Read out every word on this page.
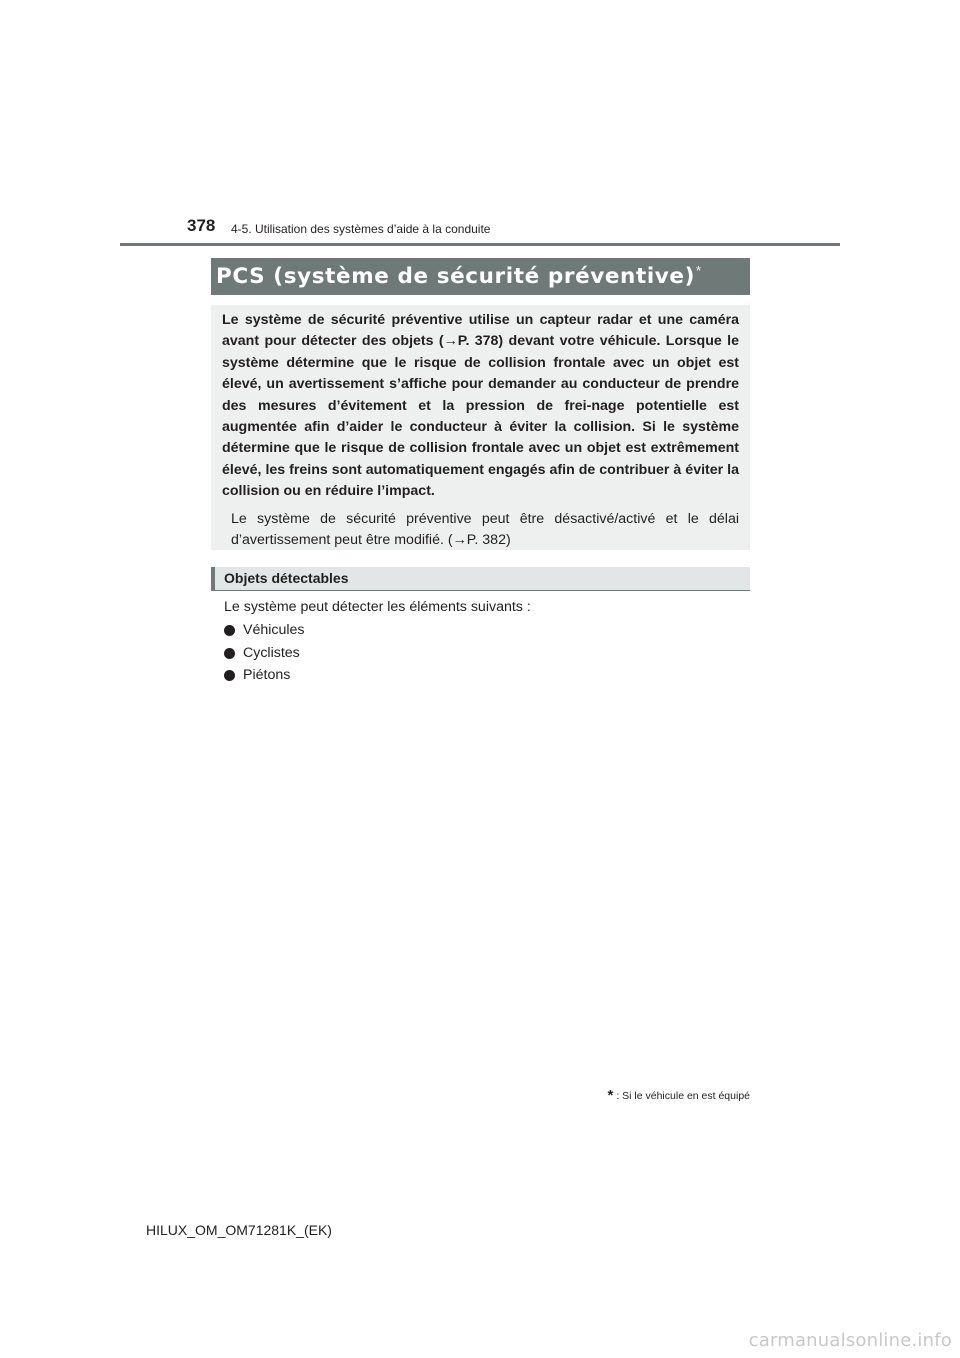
378 4-5. Utilisation des systèmes d’aide à la conduite
PCS (système de sécurité préventive) *

Le système de sécurité préventive utilise un capteur radar et une caméra avant pour détecter des objets (→P. 378) devant votre véhicule. Lorsque le système détermine que le risque de collision frontale avec un objet est élevé, un avertissement s’affiche pour demander au conducteur de prendre des mesures d’évitement et la pression de frei-nage potentielle est augmentée afin d’aider le conducteur à éviter la collision. Si le système détermine que le risque de collision frontale avec un objet est extrêmement élevé, les freins sont automatiquement engagés afin de contribuer à éviter la collision ou en réduire l’impact.

Le système de sécurité préventive peut être désactivé/activé et le délai d’avertissement peut être modifié. (→P. 382)

Objets détectables
Le système peut détecter les éléments suivants :
Véhicules
Cyclistes
Piétons
* : Si le véhicule en est équipé
HILUX_OM_OM71281K_(EK)
carmanualsonline.info
